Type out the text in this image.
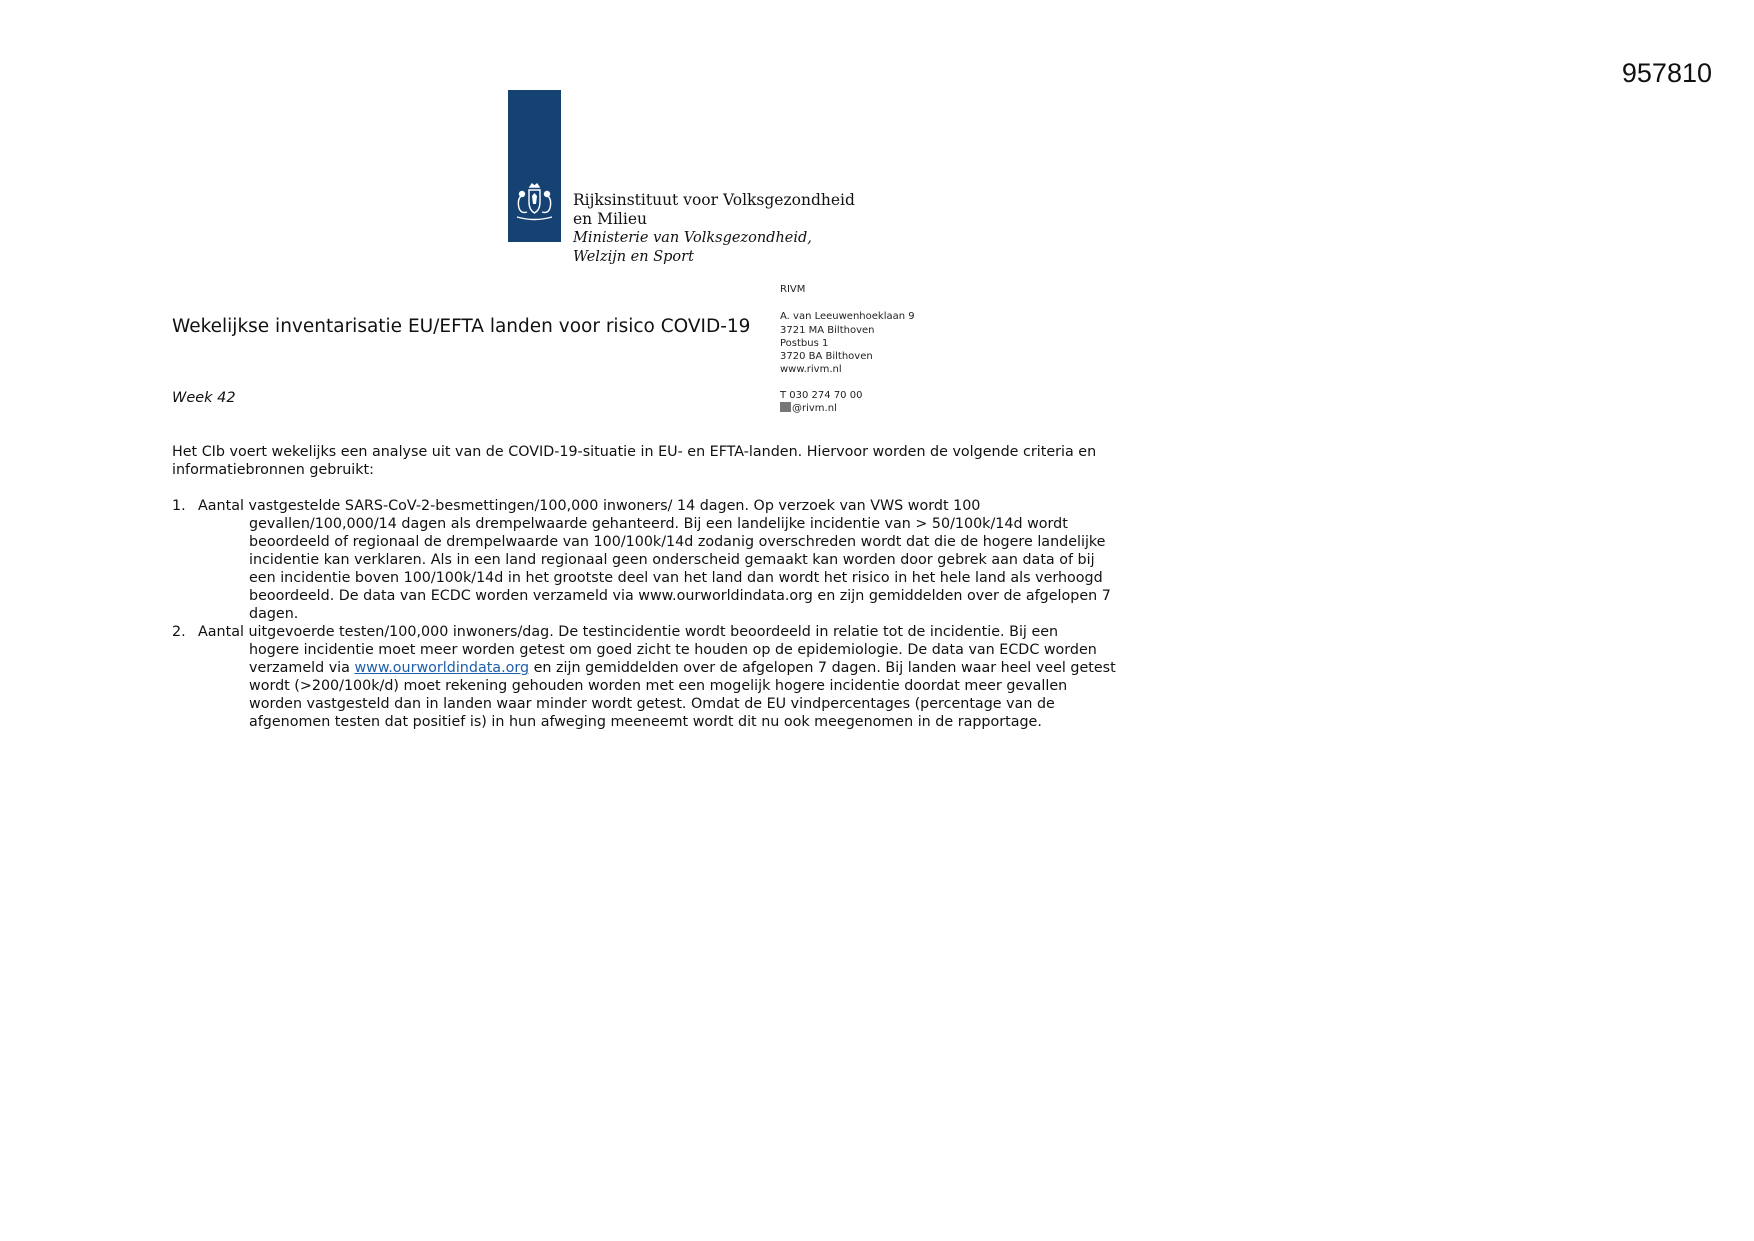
957810
Rijksinstituut voor Volksgezondheid
en Milieu
Ministerie van Volksgezondheid,
Welzijn en Sport
RIVM
A. van Leeuwenhoeklaan 9
3721 MA Bilthoven
Postbus 1
3720 BA Bilthoven
www.rivm.nl
T 030 274 70 00
@rivm.nl
Wekelijkse inventarisatie EU/EFTA landen voor risico COVID-19
Week 42

Het CIb voert wekelijks een analyse uit van de COVID-19-situatie in EU- en EFTA-landen. Hiervoor worden de volgende criteria en informatiebronnen gebruikt:

1. Aantal vastgestelde SARS-CoV-2-besmettingen/100,000 inwoners/ 14 dagen. Op verzoek van VWS wordt 100
gevallen/100,000/14 dagen als drempelwaarde gehanteerd. Bij een landelijke incidentie van > 50/100k/14d wordt beoordeeld of regionaal de drempelwaarde van 100/100k/14d zodanig overschreden wordt dat die de hogere landelijke incidentie kan verklaren. Als in een land regionaal geen onderscheid gemaakt kan worden door gebrek aan data of bij een incidentie boven 100/100k/14d in het grootste deel van het land dan wordt het risico in het hele land als verhoogd beoordeeld. De data van ECDC worden verzameld via www.ourworldindata.org en zijn gemiddelden over de afgelopen 7 dagen.
2. Aantal uitgevoerde testen/100,000 inwoners/dag. De testincidentie wordt beoordeeld in relatie tot de incidentie. Bij een
hogere incidentie moet meer worden getest om goed zicht te houden op de epidemiologie. De data van ECDC worden verzameld via www.ourworldindata.org en zijn gemiddelden over de afgelopen 7 dagen. Bij landen waar heel veel getest wordt (>200/100k/d) moet rekening gehouden worden met een mogelijk hogere incidentie doordat meer gevallen worden vastgesteld dan in landen waar minder wordt getest. Omdat de EU vindpercentages (percentage van de afgenomen testen dat positief is) in hun afweging meeneemt wordt dit nu ook meegenomen in de rapportage.
